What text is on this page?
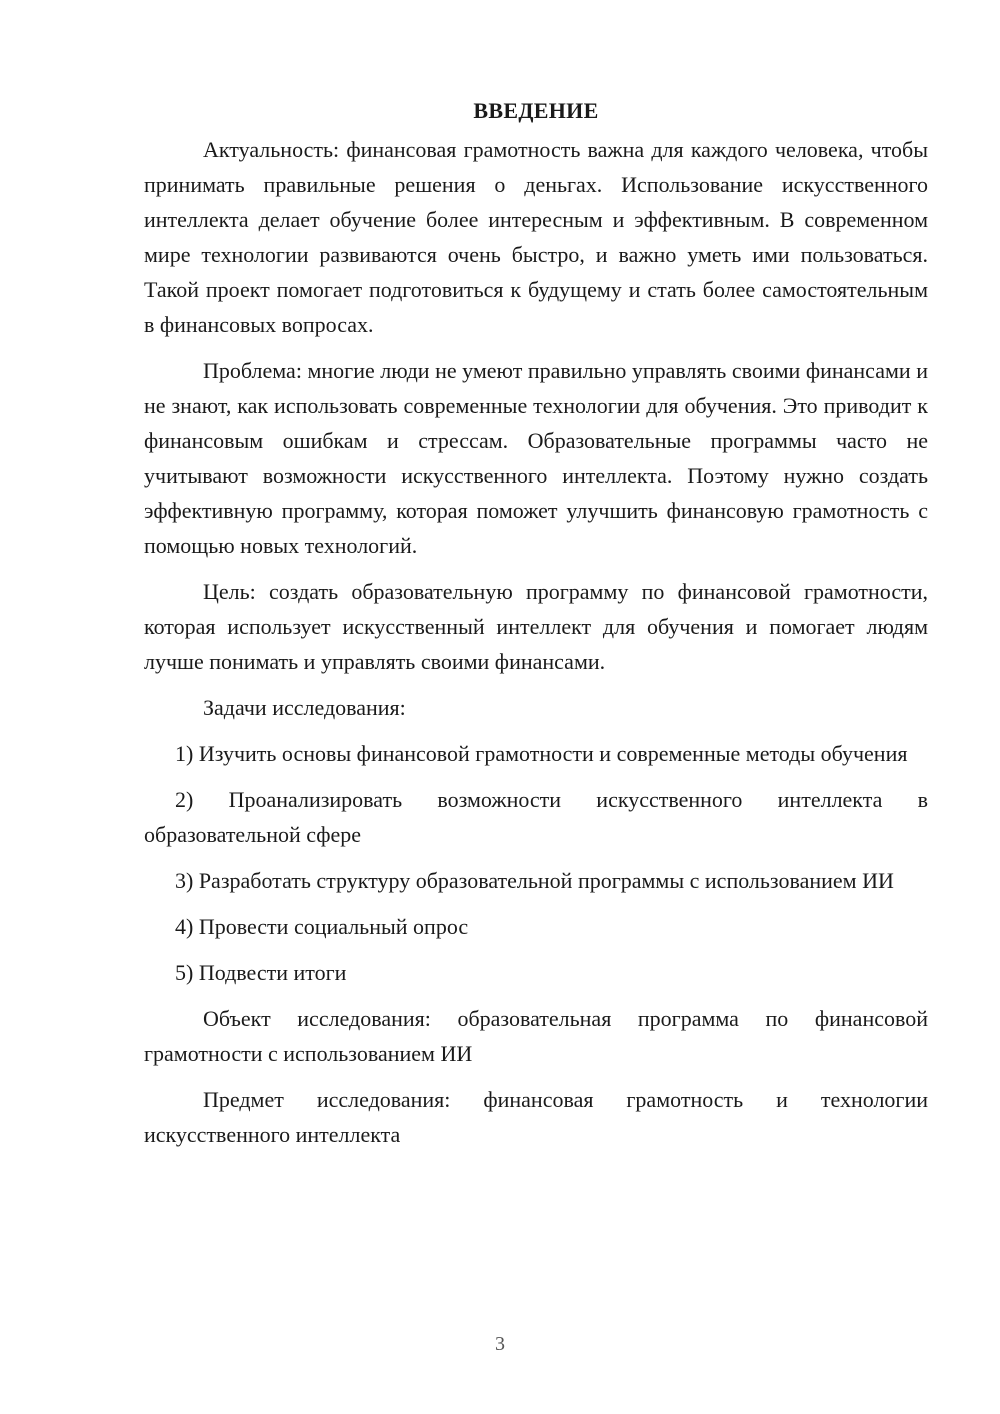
ВВЕДЕНИЕ

Актуальность: финансовая грамотность важна для каждого человека, чтобы принимать правильные решения о деньгах. Использование искусственного интеллекта делает обучение более интересным и эффективным. В современном мире технологии развиваются очень быстро, и важно уметь ими пользоваться. Такой проект помогает подготовиться к будущему и стать более самостоятельным в финансовых вопросах.

Проблема: многие люди не умеют правильно управлять своими финансами и не знают, как использовать современные технологии для обучения. Это приводит к финансовым ошибкам и стрессам. Образовательные программы часто не учитывают возможности искусственного интеллекта. Поэтому нужно создать эффективную программу, которая поможет улучшить финансовую грамотность с помощью новых технологий.

Цель: создать образовательную программу по финансовой грамотности, которая использует искусственный интеллект для обучения и помогает людям лучше понимать и управлять своими финансами.

Задачи исследования:

1) Изучить основы финансовой грамотности и современные методы обучения

2) Проанализировать возможности искусственного интеллекта в образовательной сфере

3) Разработать структуру образовательной программы с использованием ИИ

4) Провести социальный опрос

5) Подвести итоги

Объект исследования: образовательная программа по финансовой грамотности с использованием ИИ

Предмет исследования: финансовая грамотность и технологии искусственного интеллекта

3
